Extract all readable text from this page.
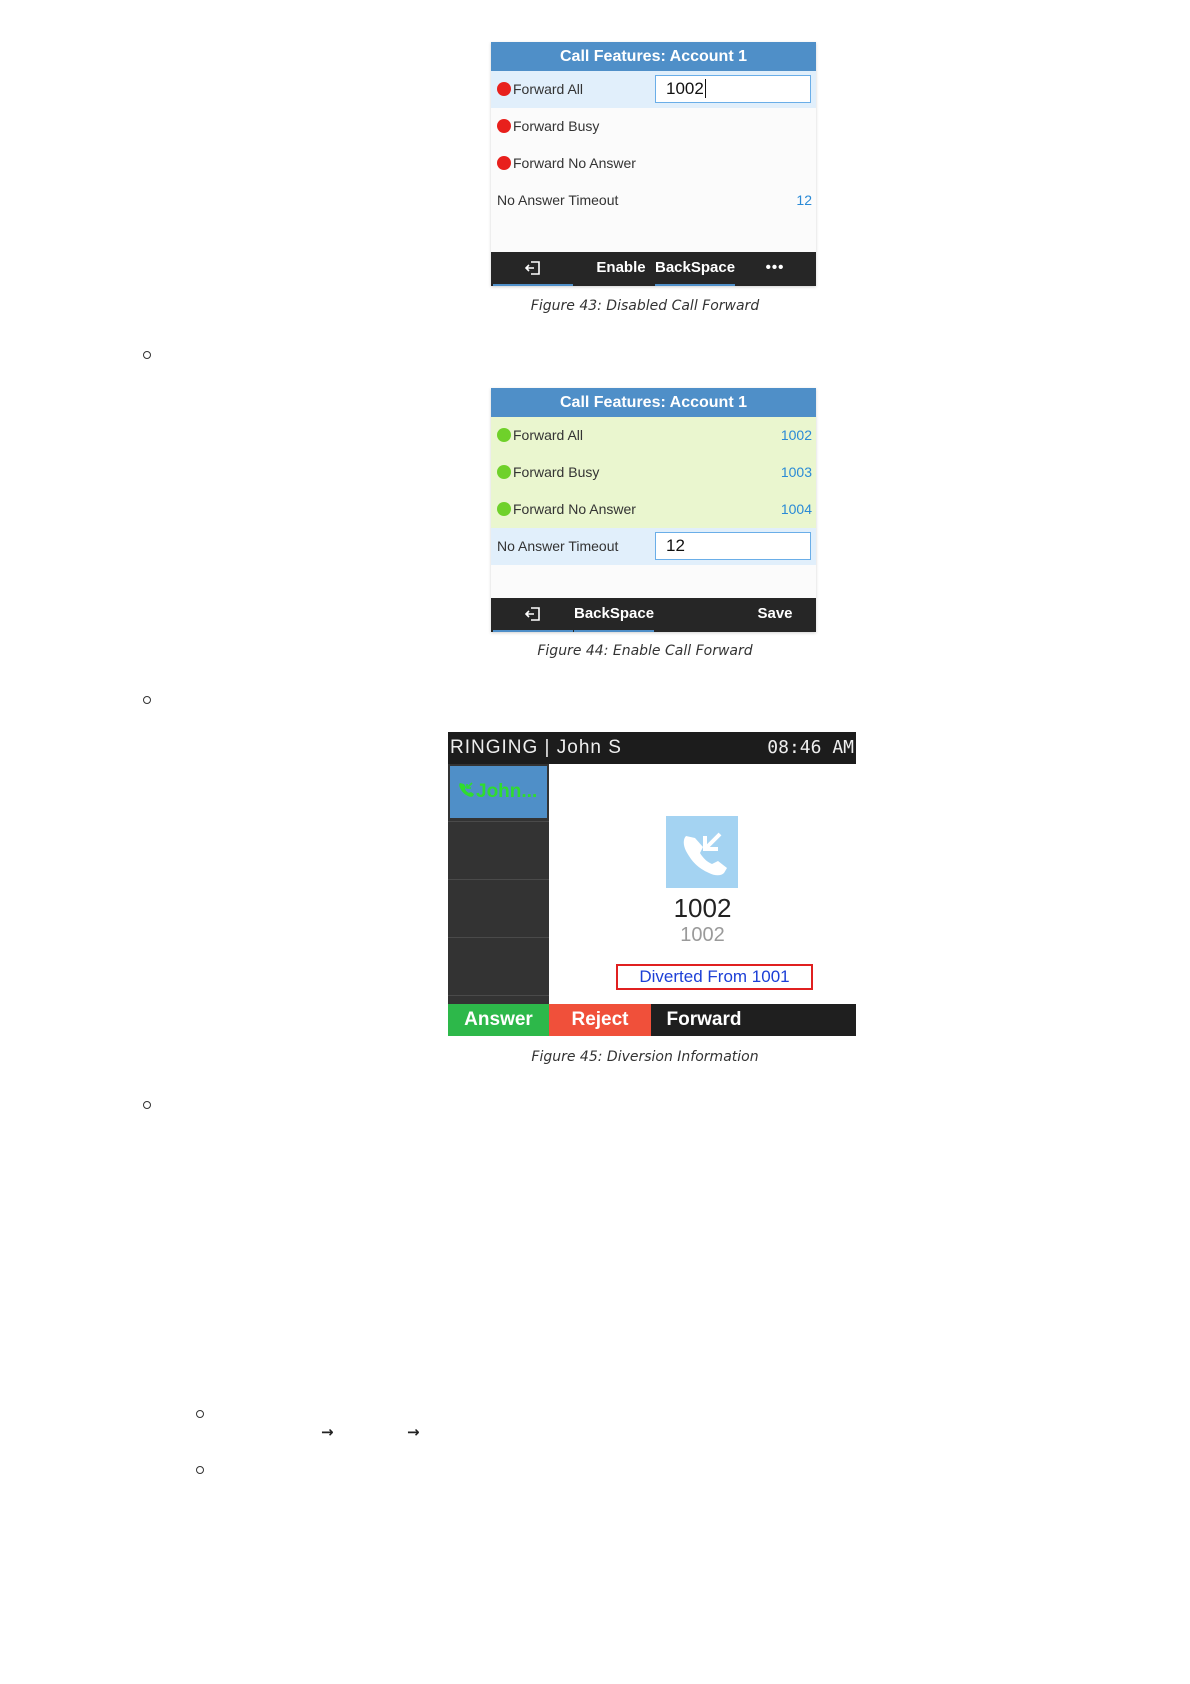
Call Features: Account 1
Forward All	1002
Forward Busy
Forward No Answer
No Answer Timeout	12
Enable BackSpace	•••
Figure 43: Disabled Call Forward
Call Features: Account 1
Forward All	1002
Forward Busy	1003
Forward No Answer	1004
No Answer Timeout	12
BackSpace	Save
Figure 44: Enable Call Forward
RINGING | John S	08:46 AM
John...
1002
1002
Diverted From 1001
Answer	Reject	Forward
Figure 45: Diversion Information
→	→
